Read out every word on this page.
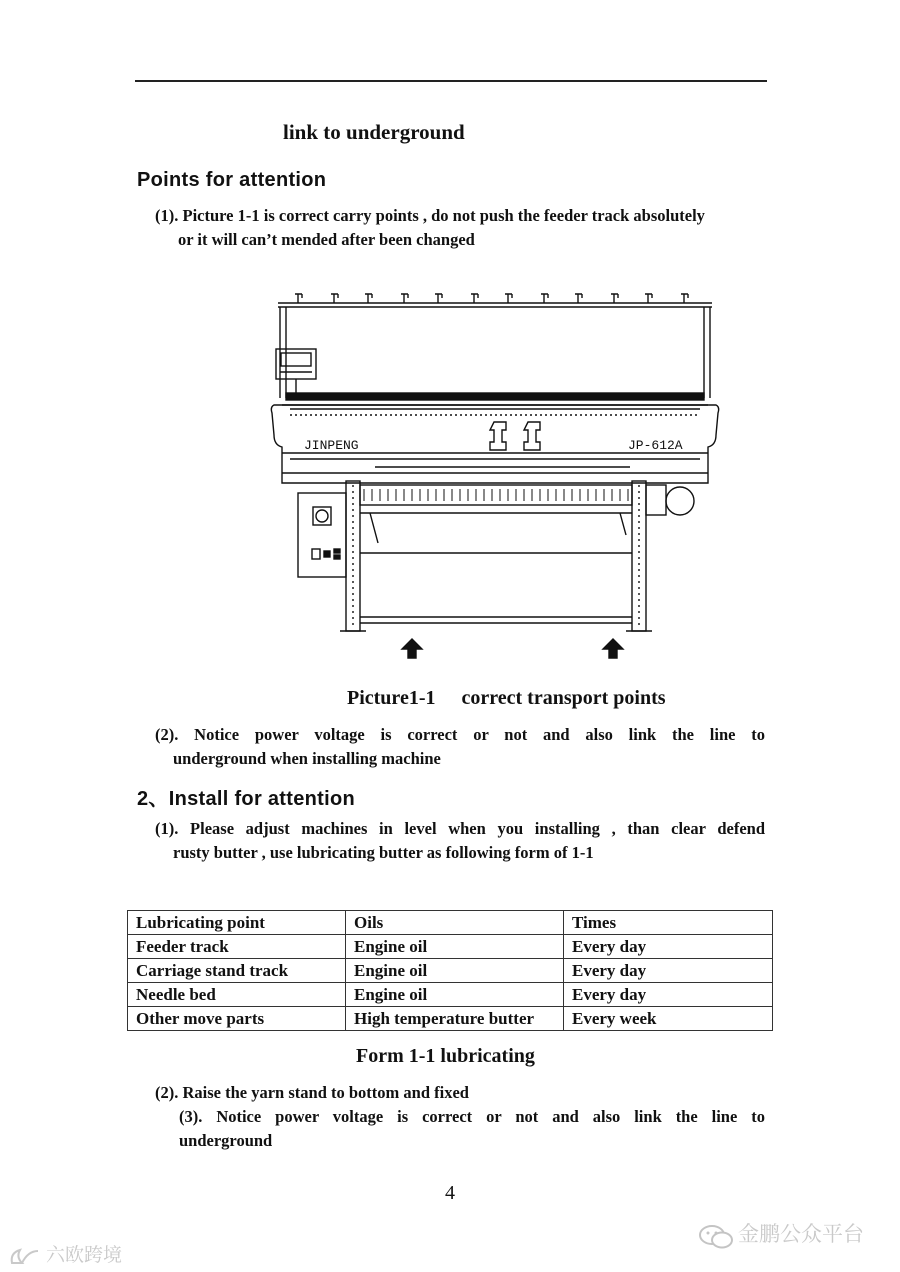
link to underground
Points for attention
(1). Picture 1-1 is correct carry points , do not push the feeder track absolutely
or it will can’t mended after been changed
JINPENG	JP-612A
Picture1-1 correct transport points
(2). Notice power voltage is correct or not and also link the line to
underground when installing machine
2、Install for attention
(1). Please adjust machines in level when you installing , than clear defend
rusty butter , use lubricating butter as following form of 1-1
Lubricating point	Oils	Times
Feeder track	Engine oil	Every day
Carriage stand track	Engine oil	Every day
Needle bed	Engine oil	Every day
Other move parts	High temperature butter	Every week
Form 1-1 lubricating
(2). Raise the yarn stand to bottom and fixed
(3). Notice power voltage is correct or not and also link the line to
underground
4
六欧跨境
金鹏公众平台
